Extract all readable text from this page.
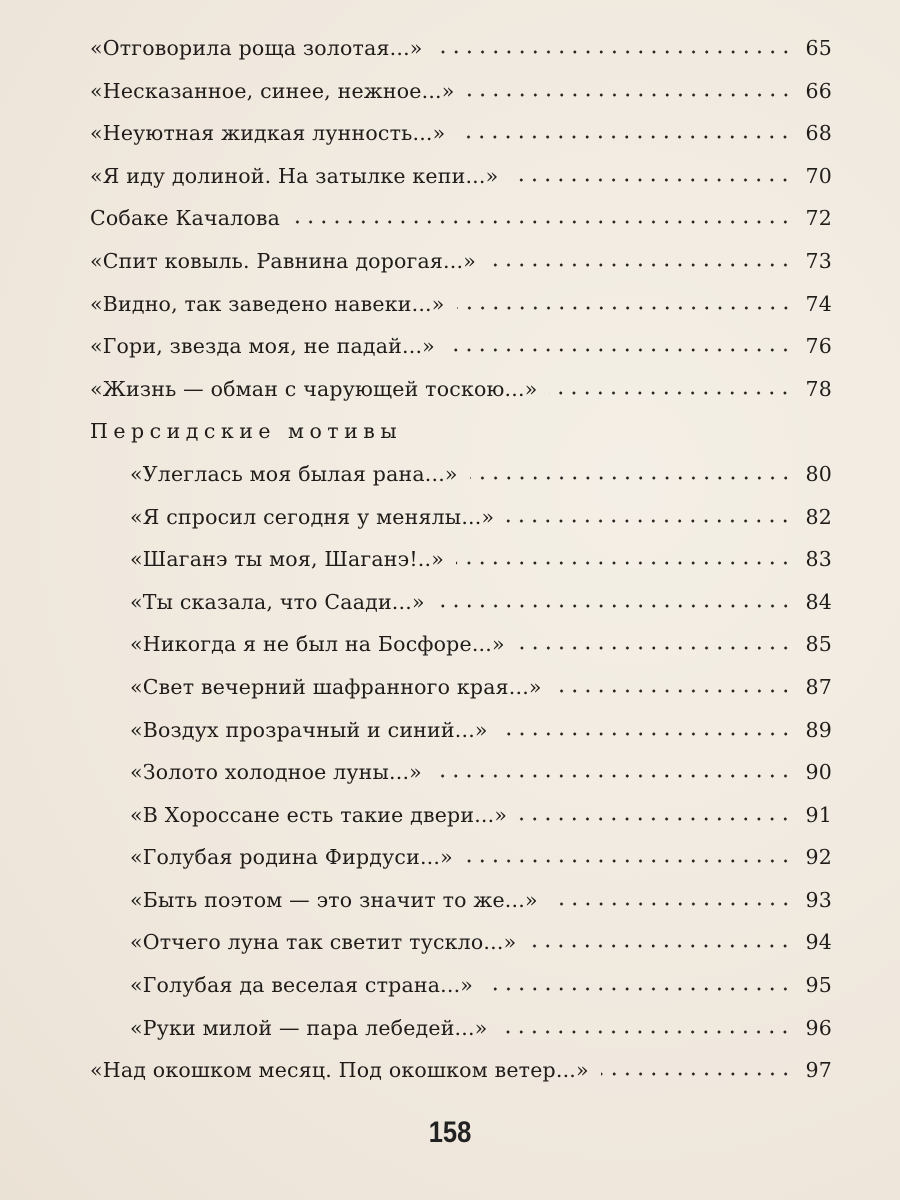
«Отговорила роща золотая...»	65
«Несказанное, синее, нежное...»	66
«Неуютная жидкая лунность...»	68
«Я иду долиной. На затылке кепи...»	70
Собаке Качалова	72
«Спит ковыль. Равнина дорогая...»	73
«Видно, так заведено навеки...»	74
«Гори, звезда моя, не падай...»	76
«Жизнь — обман с чарующей тоскою...»	78
Персидские мотивы
«Улеглась моя былая рана...»	80
«Я спросил сегодня у менялы...»	82
«Шаганэ ты моя, Шаганэ!..»	83
«Ты сказала, что Саади...»	84
«Никогда я не был на Босфоре...»	85
«Свет вечерний шафранного края...»	87
«Воздух прозрачный и синий...»	89
«Золото холодное луны...»	90
«В Хороссане есть такие двери...»	91
«Голубая родина Фирдуси...»	92
«Быть поэтом — это значит то же...»	93
«Отчего луна так светит тускло...»	94
«Голубая да веселая страна...»	95
«Руки милой — пара лебедей...»	96
«Над окошком месяц. Под окошком ветер...»	97
158
